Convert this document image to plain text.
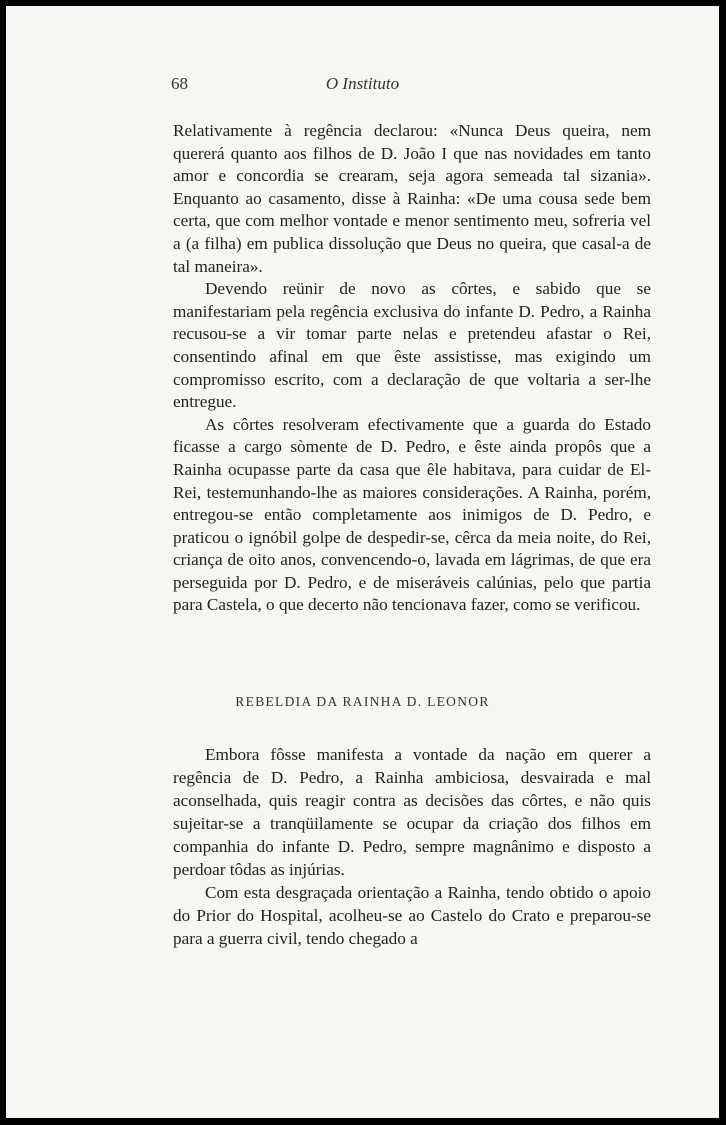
68	O Instituto

Relativamente à regência declarou: «Nunca Deus queira, nem quererá quanto aos filhos de D. João I que nas novidades em tanto amor e concordia se crearam, seja agora semeada tal sizania». Enquanto ao casamento, disse à Rainha: «De uma cousa sede bem certa, que com melhor vontade e menor sentimento meu, sofreria vel a (a filha) em publica dissolução que Deus no queira, que casal-a de tal maneira».

Devendo reünir de novo as côrtes, e sabido que se manifestariam pela regência exclusiva do infante D. Pedro, a Rainha recusou-se a vir tomar parte nelas e pretendeu afastar o Rei, consentindo afinal em que êste assistisse, mas exigindo um compromisso escrito, com a declaração de que voltaria a ser-lhe entregue.

As côrtes resolveram efectivamente que a guarda do Estado ficasse a cargo sòmente de D. Pedro, e êste ainda propôs que a Rainha ocupasse parte da casa que êle habitava, para cuidar de El-Rei, testemunhando-lhe as maiores considerações. A Rainha, porém, entregou-se então completamente aos inimigos de D. Pedro, e praticou o ignóbil golpe de despedir-se, cêrca da meia noite, do Rei, criança de oito anos, convencendo-o, lavada em lágrimas, de que era perseguida por D. Pedro, e de miseráveis calúnias, pelo que partia para Castela, o que decerto não tencionava fazer, como se verificou.

REBELDIA DA RAINHA D. LEONOR

Embora fôsse manifesta a vontade da nação em querer a regência de D. Pedro, a Rainha ambiciosa, desvairada e mal aconselhada, quis reagir contra as decisões das côrtes, e não quis sujeitar-se a tranqüilamente se ocupar da criação dos filhos em companhia do infante D. Pedro, sempre magnânimo e disposto a perdoar tôdas as injúrias.

Com esta desgraçada orientação a Rainha, tendo obtido o apoio do Prior do Hospital, acolheu-se ao Castelo do Crato e preparou-se para a guerra civil, tendo chegado a
